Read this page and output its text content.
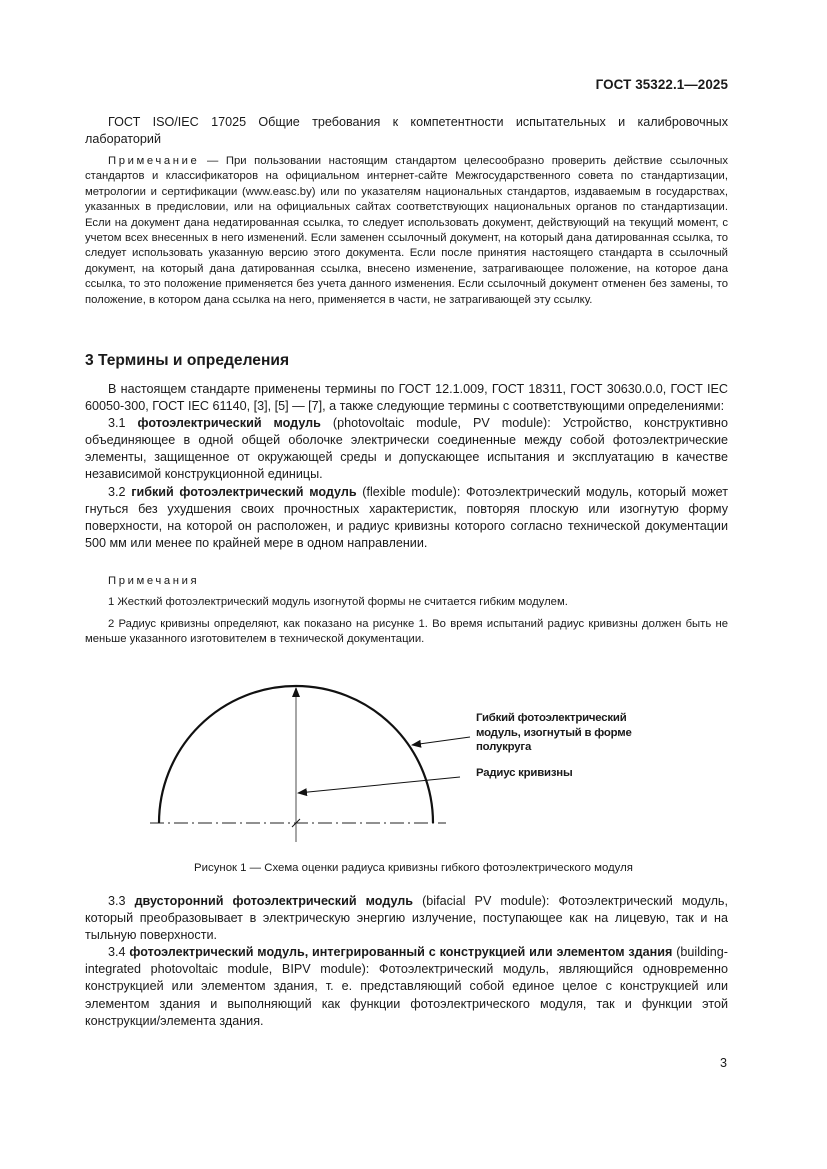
ГОСТ 35322.1—2025

ГОСТ ISO/IEC 17025 Общие требования к компетентности испытательных и калибровочных лабораторий

Примечание — При пользовании настоящим стандартом целесообразно проверить действие ссылочных стандартов и классификаторов на официальном интернет-сайте Межгосударственного совета по стандартизации, метрологии и сертификации (www.easc.by) или по указателям национальных стандартов, издаваемым в государствах, указанных в предисловии, или на официальных сайтах соответствующих национальных органов по стандартизации. Если на документ дана недатированная ссылка, то следует использовать документ, действующий на текущий момент, с учетом всех внесенных в него изменений. Если заменен ссылочный документ, на который дана датированная ссылка, то следует использовать указанную версию этого документа. Если после принятия настоящего стандарта в ссылочный документ, на который дана датированная ссылка, внесено изменение, затрагивающее положение, на которое дана ссылка, то это положение применяется без учета данного изменения. Если ссылочный документ отменен без замены, то положение, в котором дана ссылка на него, применяется в части, не затрагивающей эту ссылку.

3 Термины и определения

В настоящем стандарте применены термины по ГОСТ 12.1.009, ГОСТ 18311, ГОСТ 30630.0.0, ГОСТ IEC 60050-300, ГОСТ IEC 61140, [3], [5] — [7], а также следующие термины с соответствующими определениями:

3.1 фотоэлектрический модуль (photovoltaic module, PV module): Устройство, конструктивно объединяющее в одной общей оболочке электрически соединенные между собой фотоэлектрические элементы, защищенное от окружающей среды и допускающее испытания и эксплуатацию в качестве независимой конструкционной единицы.

3.2 гибкий фотоэлектрический модуль (flexible module): Фотоэлектрический модуль, который может гнуться без ухудшения своих прочностных характеристик, повторяя плоскую или изогнутую форму поверхности, на которой он расположен, и радиус кривизны которого согласно технической документации 500 мм или менее по крайней мере в одном направлении.

Примечания

1 Жесткий фотоэлектрический модуль изогнутой формы не считается гибким модулем.

2 Радиус кривизны определяют, как показано на рисунке 1. Во время испытаний радиус кривизны должен быть не меньше указанного изготовителем в технической документации.

Гибкий фотоэлектрический модуль, изогнутый в форме полукруга
Радиус кривизны
Рисунок 1 — Схема оценки радиуса кривизны гибкого фотоэлектрического модуля

3.3 двусторонний фотоэлектрический модуль (bifacial PV module): Фотоэлектрический модуль, который преобразовывает в электрическую энергию излучение, поступающее как на лицевую, так и на тыльную поверхности.

3.4 фотоэлектрический модуль, интегрированный с конструкцией или элементом здания (building-integrated photovoltaic module, BIPV module): Фотоэлектрический модуль, являющийся одновременно конструкцией или элементом здания, т. е. представляющий собой единое целое с конструкцией или элементом здания и выполняющий как функции фотоэлектрического модуля, так и функции этой конструкции/элемента здания.

3
